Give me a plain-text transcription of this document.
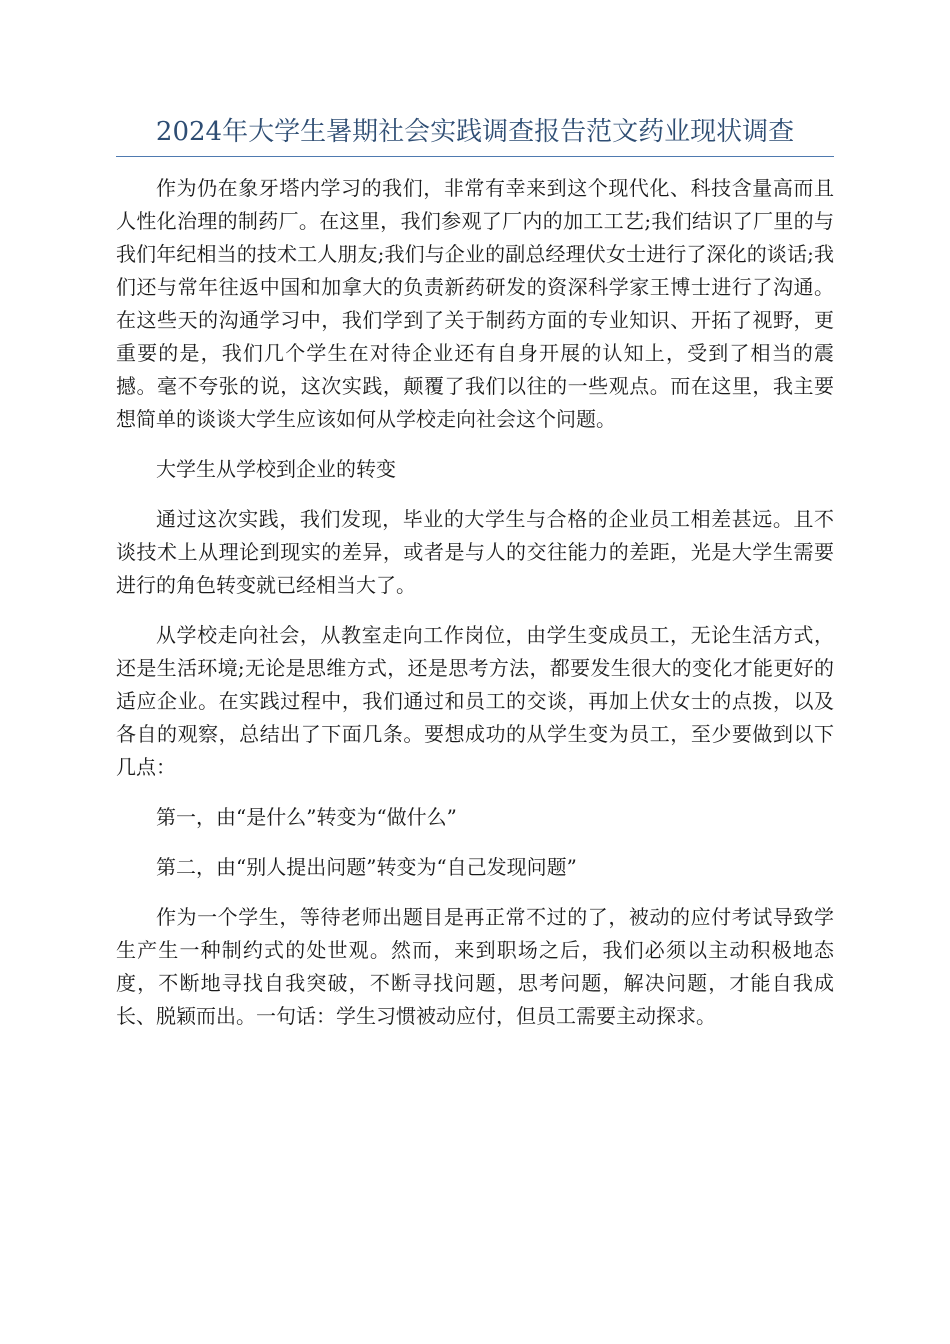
2024年大学生暑期社会实践调查报告范文药业现状调查

作为仍在象牙塔内学习的我们，非常有幸来到这个现代化、科技含量高而且人性化治理的制药厂。在这里，我们参观了厂内的加工工艺;我们结识了厂里的与我们年纪相当的技术工人朋友;我们与企业的副总经理伏女士进行了深化的谈话;我们还与常年往返中国和加拿大的负责新药研发的资深科学家王博士进行了沟通。在这些天的沟通学习中，我们学到了关于制药方面的专业知识、开拓了视野，更重要的是，我们几个学生在对待企业还有自身开展的认知上，受到了相当的震撼。毫不夸张的说，这次实践，颠覆了我们以往的一些观点。而在这里，我主要想简单的谈谈大学生应该如何从学校走向社会这个问题。

大学生从学校到企业的转变

通过这次实践，我们发现，毕业的大学生与合格的企业员工相差甚远。且不谈技术上从理论到现实的差异，或者是与人的交往能力的差距，光是大学生需要进行的角色转变就已经相当大了。

从学校走向社会，从教室走向工作岗位，由学生变成员工，无论生活方式，还是生活环境;无论是思维方式，还是思考方法，都要发生很大的变化才能更好的适应企业。在实践过程中，我们通过和员工的交谈，再加上伏女士的点拨，以及各自的观察，总结出了下面几条。要想成功的从学生变为员工，至少要做到以下几点：

第一，由“是什么”转变为“做什么”

第二，由“别人提出问题”转变为“自己发现问题”

作为一个学生，等待老师出题目是再正常不过的了，被动的应付考试导致学生产生一种制约式的处世观。然而，来到职场之后，我们必须以主动积极地态度，不断地寻找自我突破，不断寻找问题，思考问题，解决问题，才能自我成长、脱颖而出。一句话：学生习惯被动应付，但员工需要主动探求。
